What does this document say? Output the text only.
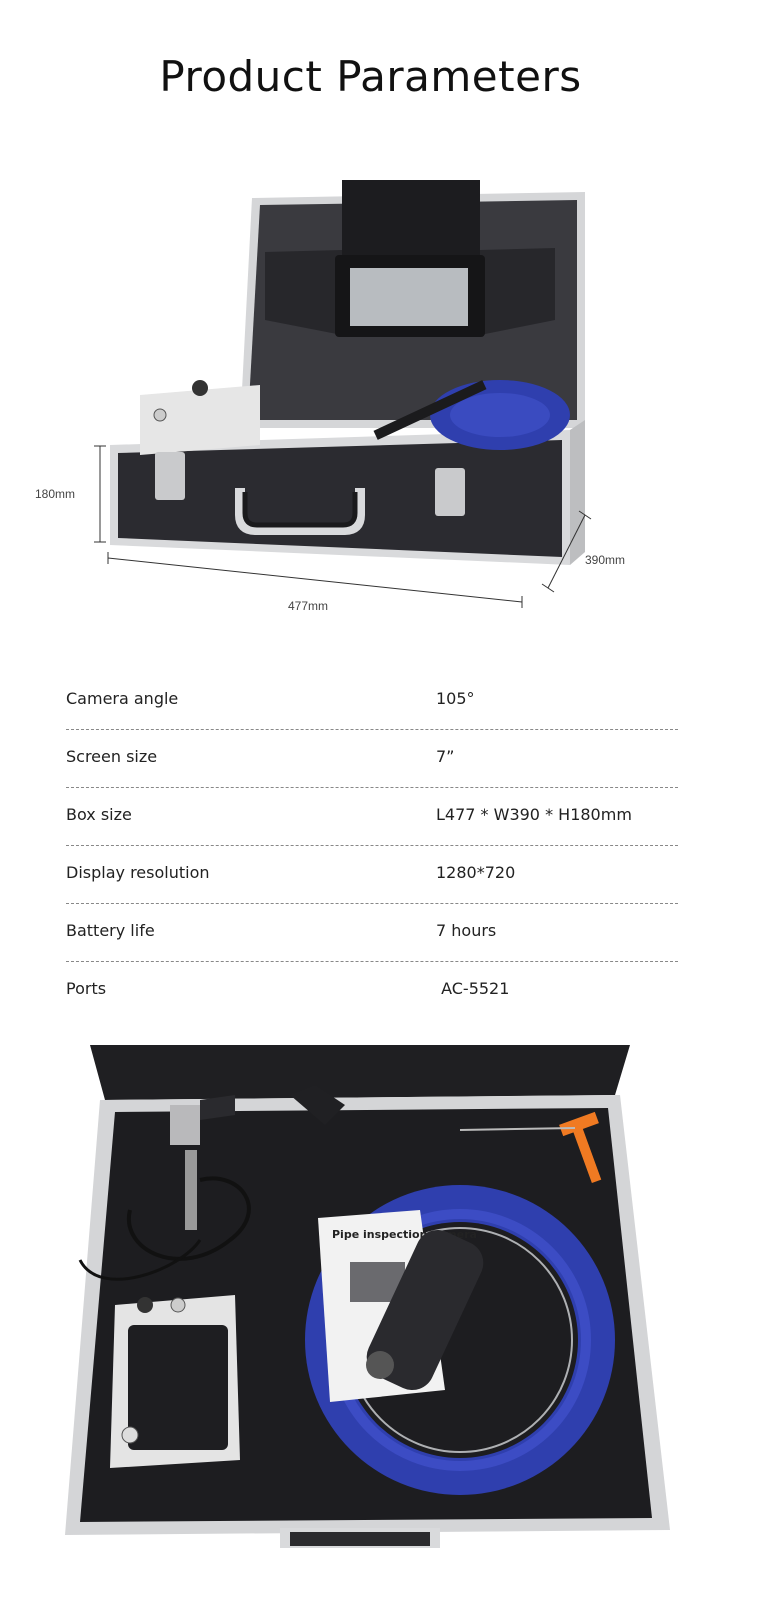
Product Parameters
180mm
477mm
390mm
Camera angle	105°
Screen size	7”
Box size	L477 * W390 * H180mm
Display resolution	1280*720
Battery life	7 hours
Ports	AC-5521
Pipe inspection camera
